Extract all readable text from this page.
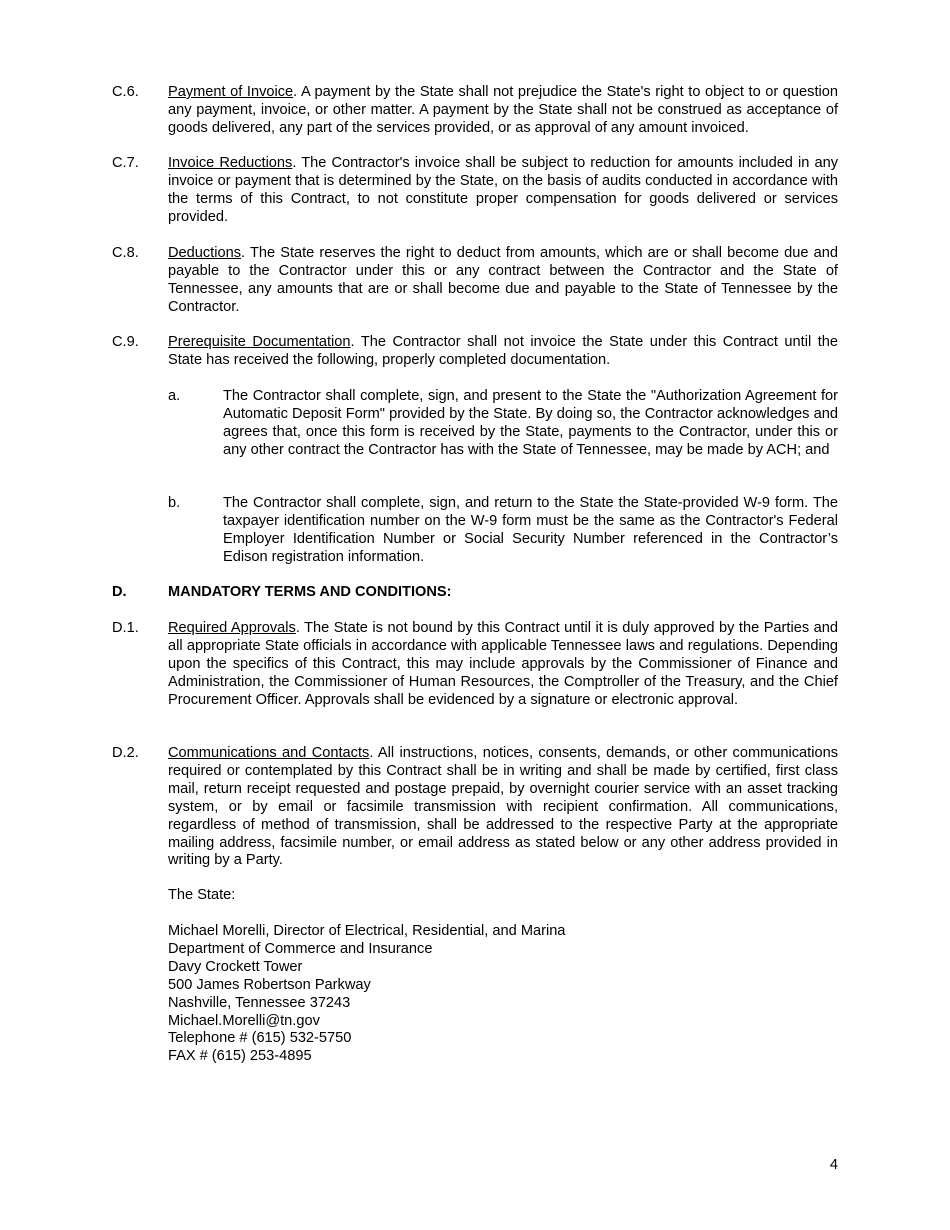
C.6.	Payment of Invoice. A payment by the State shall not prejudice the State's right to object to or question any payment, invoice, or other matter. A payment by the State shall not be construed as acceptance of goods delivered, any part of the services provided, or as approval of any amount invoiced.
C.7.	Invoice Reductions. The Contractor's invoice shall be subject to reduction for amounts included in any invoice or payment that is determined by the State, on the basis of audits conducted in accordance with the terms of this Contract, to not constitute proper compensation for goods delivered or services provided.
C.8.	Deductions. The State reserves the right to deduct from amounts, which are or shall become due and payable to the Contractor under this or any contract between the Contractor and the State of Tennessee, any amounts that are or shall become due and payable to the State of Tennessee by the Contractor.
C.9.	Prerequisite Documentation. The Contractor shall not invoice the State under this Contract until the State has received the following, properly completed documentation.
a.	The Contractor shall complete, sign, and present to the State the "Authorization Agreement for Automatic Deposit Form" provided by the State. By doing so, the Contractor acknowledges and agrees that, once this form is received by the State, payments to the Contractor, under this or any other contract the Contractor has with the State of Tennessee, may be made by ACH; and
b.	The Contractor shall complete, sign, and return to the State the State-provided W-9 form. The taxpayer identification number on the W-9 form must be the same as the Contractor's Federal Employer Identification Number or Social Security Number referenced in the Contractor’s Edison registration information.
D.	MANDATORY TERMS AND CONDITIONS:
D.1.	Required Approvals. The State is not bound by this Contract until it is duly approved by the Parties and all appropriate State officials in accordance with applicable Tennessee laws and regulations. Depending upon the specifics of this Contract, this may include approvals by the Commissioner of Finance and Administration, the Commissioner of Human Resources, the Comptroller of the Treasury, and the Chief Procurement Officer. Approvals shall be evidenced by a signature or electronic approval.
D.2.	Communications and Contacts. All instructions, notices, consents, demands, or other communications required or contemplated by this Contract shall be in writing and shall be made by certified, first class mail, return receipt requested and postage prepaid, by overnight courier service with an asset tracking system, or by email or facsimile transmission with recipient confirmation. All communications, regardless of method of transmission, shall be addressed to the respective Party at the appropriate mailing address, facsimile number, or email address as stated below or any other address provided in writing by a Party.
The State:
Michael Morelli, Director of Electrical, Residential, and Marina
Department of Commerce and Insurance
Davy Crockett Tower
500 James Robertson Parkway
Nashville, Tennessee 37243
Michael.Morelli@tn.gov
Telephone # (615) 532-5750
FAX # (615) 253-4895
4
